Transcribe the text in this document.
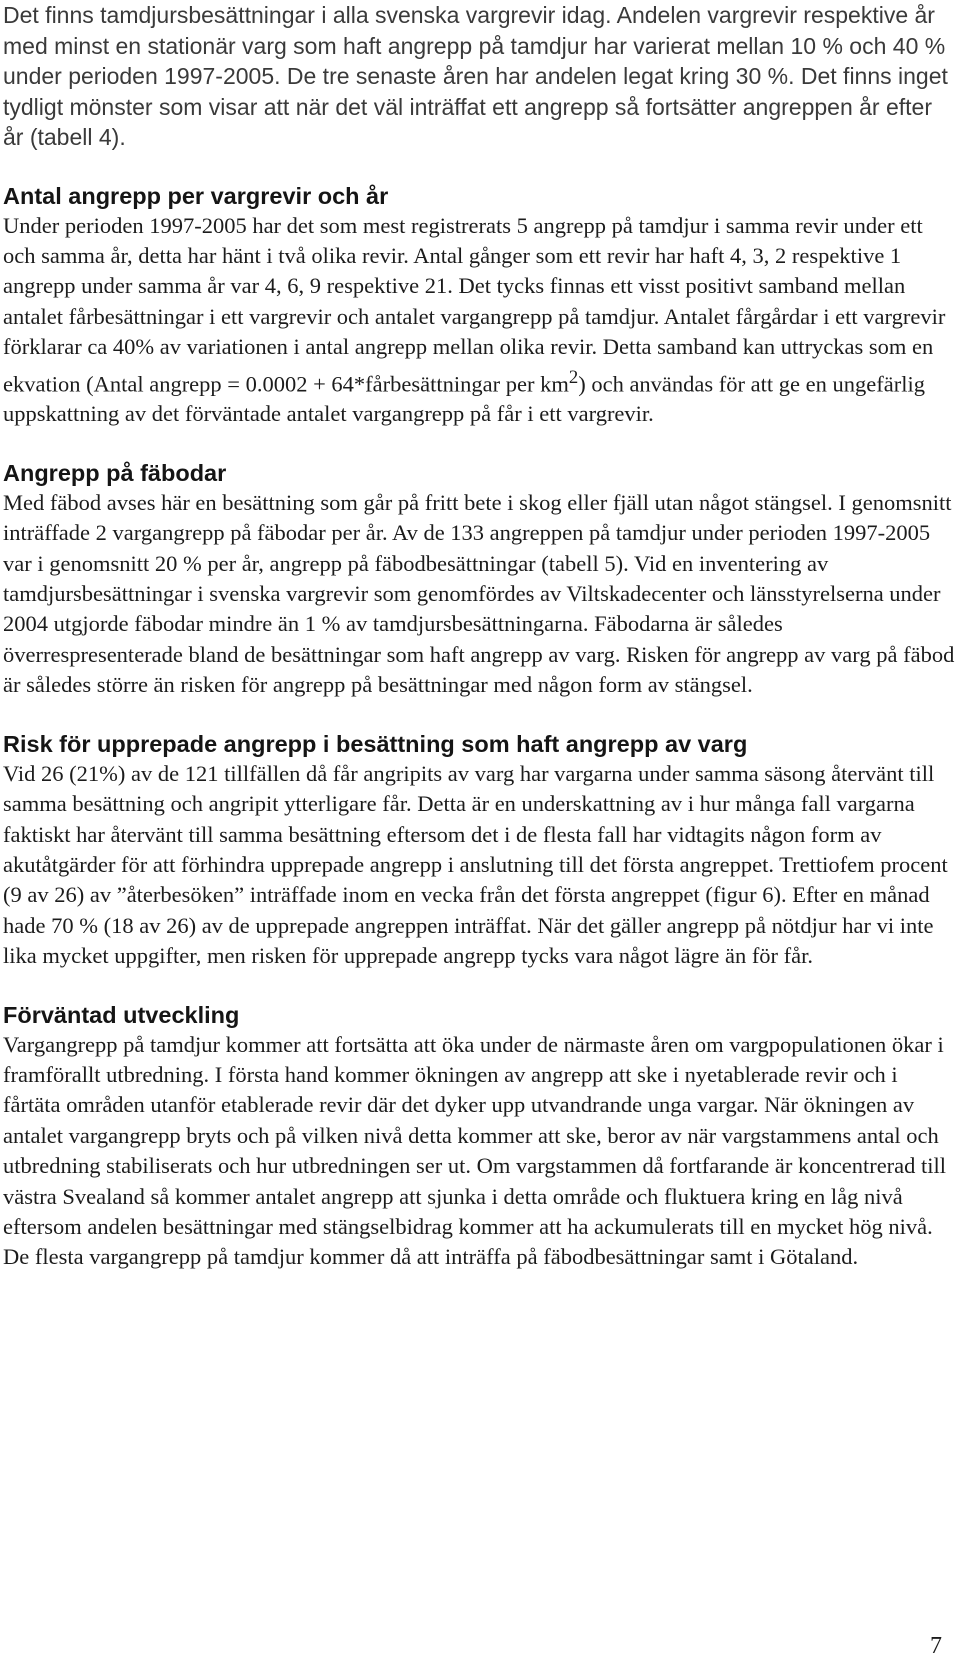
Det finns tamdjursbesättningar i alla svenska vargrevir idag. Andelen vargrevir respektive år med minst en stationär varg som haft angrepp på tamdjur har varierat mellan 10 % och 40 % under perioden 1997-2005. De tre senaste åren har andelen legat kring 30 %. Det finns inget tydligt mönster som visar att när det väl inträffat ett angrepp så fortsätter angreppen år efter år (tabell 4).

Antal angrepp per vargrevir och år

Under perioden 1997-2005 har det som mest registrerats 5 angrepp på tamdjur i samma revir under ett och samma år, detta har hänt i två olika revir. Antal gånger som ett revir har haft 4, 3, 2 respektive 1 angrepp under samma år var 4, 6, 9 respektive 21. Det tycks finnas ett visst positivt samband mellan antalet fårbesättningar i ett vargrevir och antalet vargangrepp på tamdjur. Antalet fårgårdar i ett vargrevir förklarar ca 40% av variationen i antal angrepp mellan olika revir. Detta samband kan uttryckas som en ekvation (Antal angrepp = 0.0002 + 64*fårbesättningar per $km^2$) och användas för att ge en ungefärlig uppskattning av det förväntade antalet vargangrepp på får i ett vargrevir.

Angrepp på fäbodar

Med fäbod avses här en besättning som går på fritt bete i skog eller fjäll utan något stängsel. I genomsnitt inträffade 2 vargangrepp på fäbodar per år. Av de 133 angreppen på tamdjur under perioden 1997-2005 var i genomsnitt 20 % per år, angrepp på fäbodbesättningar (tabell 5). Vid en inventering av tamdjursbesättningar i svenska vargrevir som genomfördes av Viltskadecenter och länsstyrelserna under 2004 utgjorde fäbodar mindre än 1 % av tamdjursbesättningarna. Fäbodarna är således överrespresenterade bland de besättningar som haft angrepp av varg. Risken för angrepp av varg på fäbod är således större än risken för angrepp på besättningar med någon form av stängsel.

Risk för upprepade angrepp i besättning som haft angrepp av varg

Vid 26 (21%) av de 121 tillfällen då får angripits av varg har vargarna under samma säsong återvänt till samma besättning och angripit ytterligare får. Detta är en underskattning av i hur många fall vargarna faktiskt har återvänt till samma besättning eftersom det i de flesta fall har vidtagits någon form av akutåtgärder för att förhindra upprepade angrepp i anslutning till det första angreppet. Trettiofem procent (9 av 26) av ”återbesöken” inträffade inom en vecka från det första angreppet (figur 6). Efter en månad hade 70 % (18 av 26) av de upprepade angreppen inträffat. När det gäller angrepp på nötdjur har vi inte lika mycket uppgifter, men risken för upprepade angrepp tycks vara något lägre än för får.

Förväntad utveckling

Vargangrepp på tamdjur kommer att fortsätta att öka under de närmaste åren om vargpopulationen ökar i framförallt utbredning. I första hand kommer ökningen av angrepp att ske i nyetablerade revir och i fårtäta områden utanför etablerade revir där det dyker upp utvandrande unga vargar. När ökningen av antalet vargangrepp bryts och på vilken nivå detta kommer att ske, beror av när vargstammens antal och utbredning stabiliserats och hur utbredningen ser ut. Om vargstammen då fortfarande är koncentrerad till västra Svealand så kommer antalet angrepp att sjunka i detta område och fluktuera kring en låg nivå eftersom andelen besättningar med stängselbidrag kommer att ha ackumulerats till en mycket hög nivå. De flesta vargangrepp på tamdjur kommer då att inträffa på fäbodbesättningar samt i Götaland.

7
